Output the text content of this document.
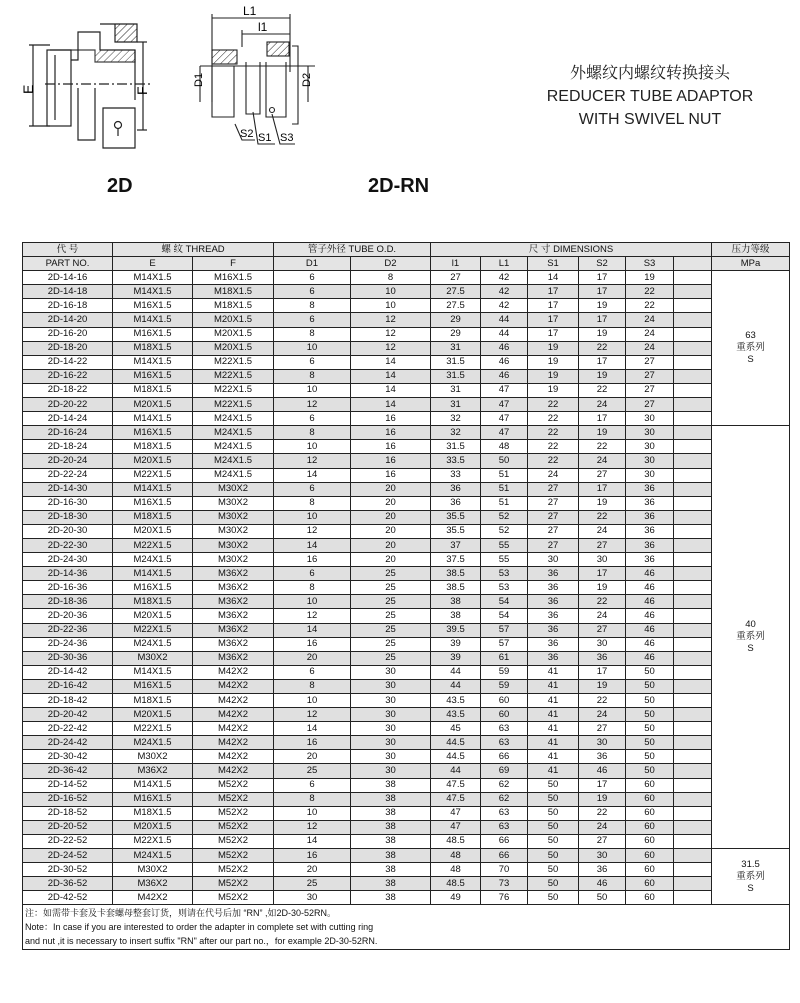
E	F
2D
L1
l1
D1	D2
S1
S2 S3
2D-RN
外螺纹内螺纹转换接头
REDUCER TUBE ADAPTOR
WITH SWIVEL NUT
代 号	螺 纹 THREAD		管子外径 TUBE O.D.		尺 寸 DIMENSIONS						压力等级
PART NO.	E	F	D1	D2	l1	L1	S1	S2	S3		MPa
2D-14-16	M14X1.5	M16X1.5	6	8	27	42	14	17	19		63
重系列
S

2D-14-18	M14X1.5	M18X1.5	6	10	27.5	42	17	17	22		
2D-16-18	M16X1.5	M18X1.5	8	10	27.5	42	17	19	22		
2D-14-20	M14X1.5	M20X1.5	6	12	29	44	17	17	24		
2D-16-20	M16X1.5	M20X1.5	8	12	29	44	17	19	24		
2D-18-20	M18X1.5	M20X1.5	10	12	31	46	19	22	24		
2D-14-22	M14X1.5	M22X1.5	6	14	31.5	46	19	17	27		
2D-16-22	M16X1.5	M22X1.5	8	14	31.5	46	19	19	27		
2D-18-22	M18X1.5	M22X1.5	10	14	31	47	19	22	27		
2D-20-22	M20X1.5	M22X1.5	12	14	31	47	22	24	27		
2D-14-24	M14X1.5	M24X1.5	6	16	32	47	22	17	30		
2D-16-24	M16X1.5	M24X1.5	8	16	32	47	22	19	30		40
重系列
S

2D-18-24	M18X1.5	M24X1.5	10	16	31.5	48	22	22	30		
2D-20-24	M20X1.5	M24X1.5	12	16	33.5	50	22	24	30		
2D-22-24	M22X1.5	M24X1.5	14	16	33	51	24	27	30		
2D-14-30	M14X1.5	M30X2	6	20	36	51	27	17	36		
2D-16-30	M16X1.5	M30X2	8	20	36	51	27	19	36		
2D-18-30	M18X1.5	M30X2	10	20	35.5	52	27	22	36		
2D-20-30	M20X1.5	M30X2	12	20	35.5	52	27	24	36		
2D-22-30	M22X1.5	M30X2	14	20	37	55	27	27	36		
2D-24-30	M24X1.5	M30X2	16	20	37.5	55	30	30	36		
2D-14-36	M14X1.5	M36X2	6	25	38.5	53	36	17	46		
2D-16-36	M16X1.5	M36X2	8	25	38.5	53	36	19	46		
2D-18-36	M18X1.5	M36X2	10	25	38	54	36	22	46		
2D-20-36	M20X1.5	M36X2	12	25	38	54	36	24	46		
2D-22-36	M22X1.5	M36X2	14	25	39.5	57	36	27	46		
2D-24-36	M24X1.5	M36X2	16	25	39	57	36	30	46		
2D-30-36	M30X2	M36X2	20	25	39	61	36	36	46		
2D-14-42	M14X1.5	M42X2	6	30	44	59	41	17	50		
2D-16-42	M16X1.5	M42X2	8	30	44	59	41	19	50		
2D-18-42	M18X1.5	M42X2	10	30	43.5	60	41	22	50		
2D-20-42	M20X1.5	M42X2	12	30	43.5	60	41	24	50		
2D-22-42	M22X1.5	M42X2	14	30	45	63	41	27	50		
2D-24-42	M24X1.5	M42X2	16	30	44.5	63	41	30	50		
2D-30-42	M30X2	M42X2	20	30	44.5	66	41	36	50		
2D-36-42	M36X2	M42X2	25	30	44	69	41	46	50		
2D-14-52	M14X1.5	M52X2	6	38	47.5	62	50	17	60		
2D-16-52	M16X1.5	M52X2	8	38	47.5	62	50	19	60		
2D-18-52	M18X1.5	M52X2	10	38	47	63	50	22	60		
2D-20-52	M20X1.5	M52X2	12	38	47	63	50	24	60		
2D-22-52	M22X1.5	M52X2	14	38	48.5	66	50	27	60		
2D-24-52	M24X1.5	M52X2	16	38	48	66	50	30	60		31.5
重系列
S

2D-30-52	M30X2	M52X2	20	38	48	70	50	36	60		
2D-36-52	M36X2	M52X2	25	38	48.5	73	50	46	60		
2D-42-52	M42X2	M52X2	30	38	49	76	50	50	60		

注：如需带卡套及卡套螺母整套订货，则请在代号后加 “RN” ,如2D-30-52RN。
Note：In case if you are interested to order the adapter in complete set with cutting ring
and nut ,it is necessary to insert suffix "RN" after our part no.，for example 2D-30-52RN.											
